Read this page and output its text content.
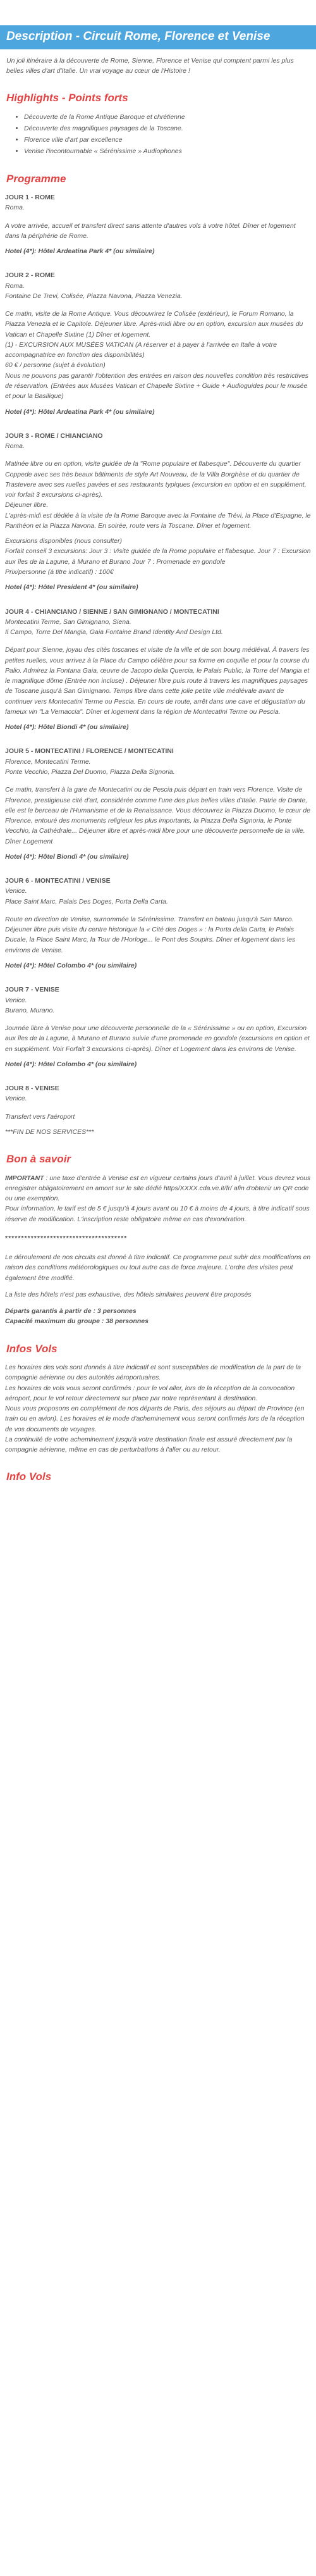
Description - Circuit Rome, Florence et Venise

Un joli itinéraire à la découverte de Rome, Sienne, Florence et Venise qui comptent parmi les plus belles villes d'art d'Italie. Un vrai voyage au cœur de l'Histoire !

Highlights - Points forts
• Découverte de la Rome Antique Baroque et chrétienne
• Découverte des magnifiques paysages de la Toscane.
• Florence ville d'art par excellence
• Venise l'incontournable « Sérénissime » Audiophones
Programme

JOUR 1 - ROME

Roma.

A votre arrivée, accueil et transfert direct sans attente d'autres vols à votre hôtel. Dîner et logement dans la périphérie de Rome.

Hotel (4*): Hôtel Ardeatina Park 4* (ou similaire)

JOUR 2 - ROME

Roma.
Fontaine De Trevi, Colisée, Piazza Navona, Piazza Venezia.

Ce matin, visite de la Rome Antique. Vous découvrirez le Colisée (extérieur), le Forum Romano, la Piazza Venezia et le Capitole. Déjeuner libre. Après-midi libre ou en option, excursion aux musées du Vatican et Chapelle Sixtine (1) Dîner et logement.
(1) - EXCURSION AUX MUSÉES VATICAN (A réserver et à payer à l'arrivée en Italie à votre accompagnatrice en fonction des disponibilités)
60 € / personne (sujet à évolution)
Nous ne pouvons pas garantir l'obtention des entrées en raison des nouvelles condition très restrictives de réservation. (Entrées aux Musées Vatican et Chapelle Sixtine + Guide + Audioguides pour le musée et pour la Basilique)

Hotel (4*): Hôtel Ardeatina Park 4* (ou similaire)

JOUR 3 - ROME / CHIANCIANO

Roma.

Matinée libre ou en option, visite guidée de la "Rome populaire et flabesque". Découverte du quartier Coppede avec ses très beaux bâtiments de style Art Nouveau, de la Villa Borghèse et du quartier de Trastevere avec ses ruelles pavées et ses restaurants typiques (excursion en option et en supplément, voir forfait 3 excursions ci-après).
Déjeuner libre.
L'après-midi est dédiée à la visite de la Rome Baroque avec la Fontaine de Trévi, la Place d'Espagne, le Panthéon et la Piazza Navona. En soirée, route vers la Toscane. Dîner et logement.

Excursions disponibles (nous consulter)
Forfait conseil 3 excursions: Jour 3 : Visite guidée de la Rome populaire et flabesque. Jour 7 : Excursion aux îles de la Lagune, à Murano et Burano Jour 7 : Promenade en gondole
Prix/personne (à titre indicatif) : 100€

Hotel (4*): Hôtel President 4* (ou similaire)

JOUR 4 - CHIANCIANO / SIENNE / SAN GIMIGNANO / MONTECATINI

Montecatini Terme, San Gimignano, Siena.
Il Campo, Torre Del Mangia, Gaia Fontaine Brand Identity And Design Ltd.

Départ pour Sienne, joyau des cités toscanes et visite de la ville et de son bourg médiéval. À travers les petites ruelles, vous arrivez à la Place du Campo célèbre pour sa forme en coquille et pour la course du Palio. Admirez la Fontana Gaia, œuvre de Jacopo della Quercia, le Palais Public, la Torre del Mangia et le magnifique dôme (Entrée non incluse) . Déjeuner libre puis route à travers les magnifiques paysages de Toscane jusqu'à San Gimignano. Temps libre dans cette jolie petite ville médiévale avant de continuer vers Montecatini Terme ou Pescia. En cours de route, arrêt dans une cave et dégustation du fameux vin "La Vernaccia". Dîner et logement dans la région de Montecatini Terme ou Pescia.

Hotel (4*): Hôtel Biondi 4* (ou similaire)

JOUR 5 - MONTECATINI / FLORENCE / MONTECATINI

Florence, Montecatini Terme.
Ponte Vecchio, Piazza Del Duomo, Piazza Della Signoria.

Ce matin, transfert à la gare de Montecatini ou de Pescia puis départ en train vers Florence. Visite de Florence, prestigieuse cité d'art, considérée comme l'une des plus belles villes d'Italie. Patrie de Dante, elle est le berceau de l'Humanisme et de la Renaissance. Vous découvrez la Piazza Duomo, le cœur de Florence, entouré des monuments religieux les plus importants, la Piazza Della Signoria, le Ponte Vecchio, la Cathédrale... Déjeuner libre et après-midi libre pour une découverte personnelle de la ville. Dîner Logement

Hotel (4*): Hôtel Biondi 4* (ou similaire)

JOUR 6 - MONTECATINI / VENISE

Venice.
Place Saint Marc, Palais Des Doges, Porta Della Carta.

Route en direction de Venise, surnommée la Sérénissime. Transfert en bateau jusqu'à San Marco. Déjeuner libre puis visite du centre historique la « Cité des Doges » : la Porta della Carta, le Palais Ducale, la Place Saint Marc, la Tour de l'Horloge... le Pont des Soupirs. Dîner et logement dans les environs de Venise.

Hotel (4*): Hôtel Colombo 4* (ou similaire)

JOUR 7 - VENISE

Venice.
Burano, Murano.

Journée libre à Venise pour une découverte personnelle de la « Sérénissime » ou en option, Excursion aux îles de la Lagune, à Murano et Burano suivie d'une promenade en gondole (excursions en option et en supplément. Voir Forfait 3 excursions ci-après). Dîner et Logement dans les environs de Venise.

Hotel (4*): Hôtel Colombo 4* (ou similaire)

JOUR 8 - VENISE

Venice.

Transfert vers l'aéroport

***FIN DE NOS SERVICES***

Bon à savoir

IMPORTANT : une taxe d'entrée à Venise est en vigueur certains jours d'avril à juillet. Vous devrez vous enregistrer obligatoirement en amont sur le site dédié https/XXXX.cda.ve.it/fr/ afin d'obtenir un QR code ou une exemption.
Pour information, le tarif est de 5 € jusqu'à 4 jours avant ou 10 € à moins de 4 jours, à titre indicatif sous réserve de modification. L'inscription reste obligatoire même en cas d'exonération.

**************************************

Le déroulement de nos circuits est donné à titre indicatif. Ce programme peut subir des modifications en raison des conditions météorologiques ou tout autre cas de force majeure. L'ordre des visites peut également être modifié.

La liste des hôtels n'est pas exhaustive, des hôtels similaires peuvent être proposés

Départs garantis à partir de : 3 personnes
Capacité maximum du groupe : 38 personnes

Infos Vols

Les horaires des vols sont donnés à titre indicatif et sont susceptibles de modification de la part de la compagnie aérienne ou des autorités aéroportuaires.
Les horaires de vols vous seront confirmés : pour le vol aller, lors de la réception de la convocation aéroport, pour le vol retour directement sur place par notre représentant à destination.
Nous vous proposons en complément de nos départs de Paris, des séjours au départ de Province (en train ou en avion). Les horaires et le mode d'acheminement vous seront confirmés lors de la réception de vos documents de voyages.
La continuité de votre acheminement jusqu'à votre destination finale est assuré directement par la compagnie aérienne, même en cas de perturbations à l'aller ou au retour.

Info Vols
